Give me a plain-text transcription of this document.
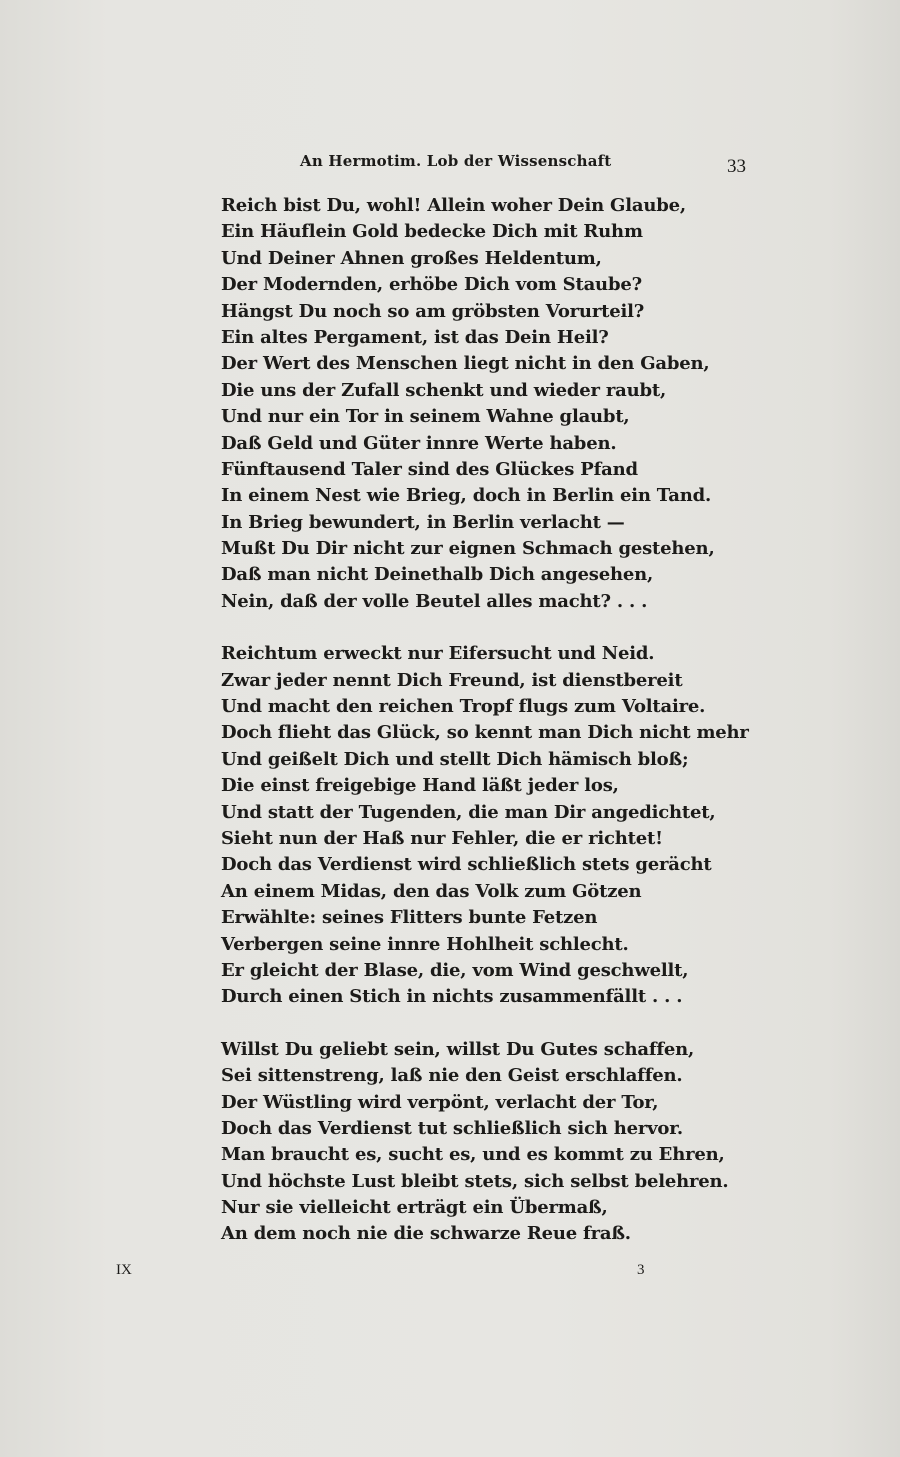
An Hermotim. Lob der Wissenschaft	33
Reich bist Du, wohl! Allein woher Dein Glaube,
Ein Häuflein Gold bedecke Dich mit Ruhm
Und Deiner Ahnen großes Heldentum,
Der Modernden, erhöbe Dich vom Staube?
Hängst Du noch so am gröbsten Vorurteil?
Ein altes Pergament, ist das Dein Heil?
Der Wert des Menschen liegt nicht in den Gaben,
Die uns der Zufall schenkt und wieder raubt,
Und nur ein Tor in seinem Wahne glaubt,
Daß Geld und Güter innre Werte haben.
Fünftausend Taler sind des Glückes Pfand
In einem Nest wie Brieg, doch in Berlin ein Tand.
In Brieg bewundert, in Berlin verlacht —
Mußt Du Dir nicht zur eignen Schmach gestehen,
Daß man nicht Deinethalb Dich angesehen,
Nein, daß der volle Beutel alles macht? . . .
Reichtum erweckt nur Eifersucht und Neid.
Zwar jeder nennt Dich Freund, ist dienstbereit
Und macht den reichen Tropf flugs zum Voltaire.
Doch flieht das Glück, so kennt man Dich nicht mehr
Und geißelt Dich und stellt Dich hämisch bloß;
Die einst freigebige Hand läßt jeder los,
Und statt der Tugenden, die man Dir angedichtet,
Sieht nun der Haß nur Fehler, die er richtet!
Doch das Verdienst wird schließlich stets gerächt
An einem Midas, den das Volk zum Götzen
Erwählte: seines Flitters bunte Fetzen
Verbergen seine innre Hohlheit schlecht.
Er gleicht der Blase, die, vom Wind geschwellt,
Durch einen Stich in nichts zusammenfällt . . .
Willst Du geliebt sein, willst Du Gutes schaffen,
Sei sittenstreng, laß nie den Geist erschlaffen.
Der Wüstling wird verpönt, verlacht der Tor,
Doch das Verdienst tut schließlich sich hervor.
Man braucht es, sucht es, und es kommt zu Ehren,
Und höchste Lust bleibt stets, sich selbst belehren.
Nur sie vielleicht erträgt ein Übermaß,
An dem noch nie die schwarze Reue fraß.
IX	3
